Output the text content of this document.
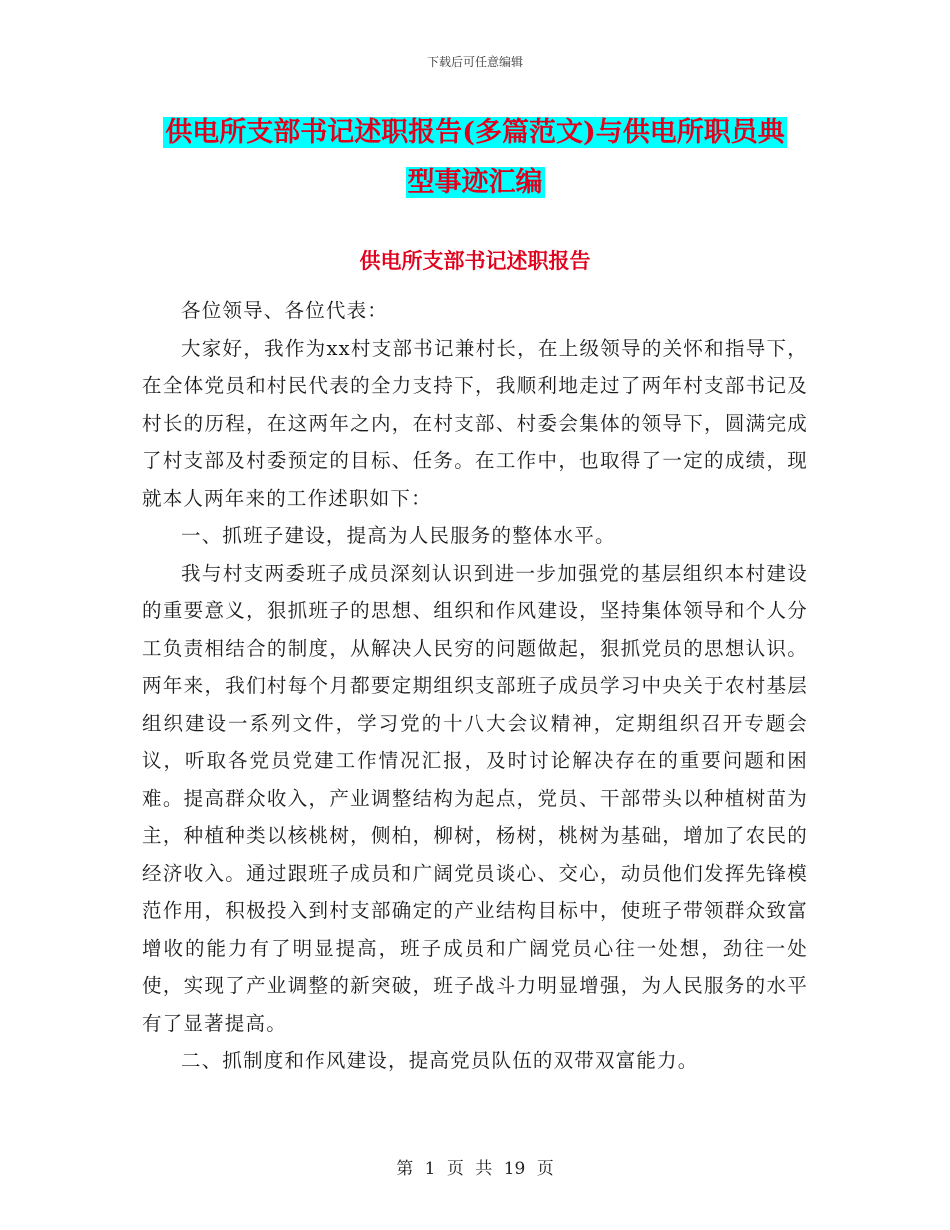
下载后可任意编辑
供电所支部书记述职报告(多篇范文)与供电所职员典
型事迹汇编
供电所支部书记述职报告

各位领导、各位代表：

大家好，我作为xx村支部书记兼村长，在上级领导的关怀和指导下，在全体党员和村民代表的全力支持下，我顺利地走过了两年村支部书记及村长的历程，在这两年之内，在村支部、村委会集体的领导下，圆满完成了村支部及村委预定的目标、任务。在工作中，也取得了一定的成绩，现就本人两年来的工作述职如下：

一、抓班子建设，提高为人民服务的整体水平。

我与村支两委班子成员深刻认识到进一步加强党的基层组织本村建设的重要意义，狠抓班子的思想、组织和作风建设，坚持集体领导和个人分工负责相结合的制度，从解决人民穷的问题做起，狠抓党员的思想认识。两年来，我们村每个月都要定期组织支部班子成员学习中央关于农村基层组织建设一系列文件，学习党的十八大会议精神，定期组织召开专题会议，听取各党员党建工作情况汇报，及时讨论解决存在的重要问题和困难。提高群众收入，产业调整结构为起点，党员、干部带头以种植树苗为主，种植种类以核桃树，侧柏，柳树，杨树，桃树为基础，增加了农民的经济收入。通过跟班子成员和广阔党员谈心、交心，动员他们发挥先锋模范作用，积极投入到村支部确定的产业结构目标中，使班子带领群众致富增收的能力有了明显提高，班子成员和广阔党员心往一处想，劲往一处使，实现了产业调整的新突破，班子战斗力明显增强，为人民服务的水平有了显著提高。

二、抓制度和作风建设，提高党员队伍的双带双富能力。

第 1 页 共 19 页
